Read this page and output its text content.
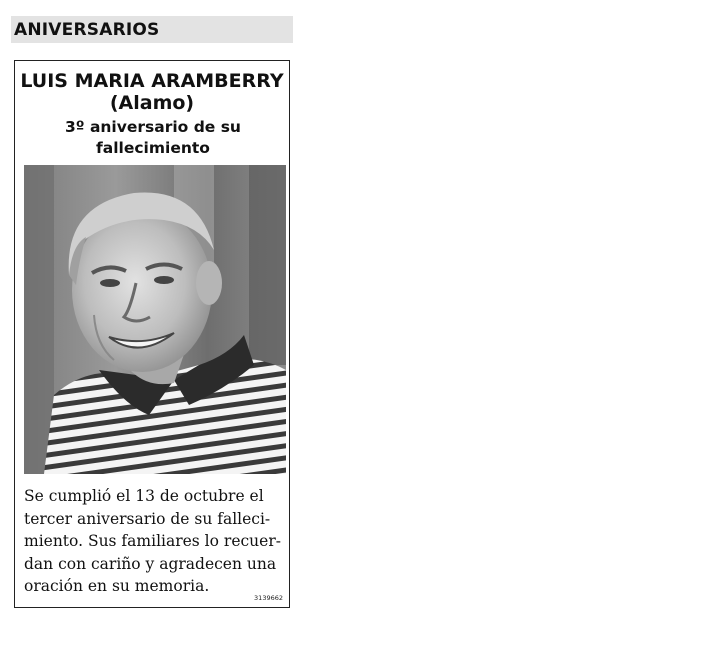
ANIVERSARIOS
LUIS MARIA ARAMBERRY
(Alamo)
3º aniversario de su
fallecimiento
Se cumplió el 13 de octubre el
tercer aniversario de su falleci-
miento. Sus familiares lo recuer-
dan con cariño y agradecen una
oración en su memoria.
3139662
